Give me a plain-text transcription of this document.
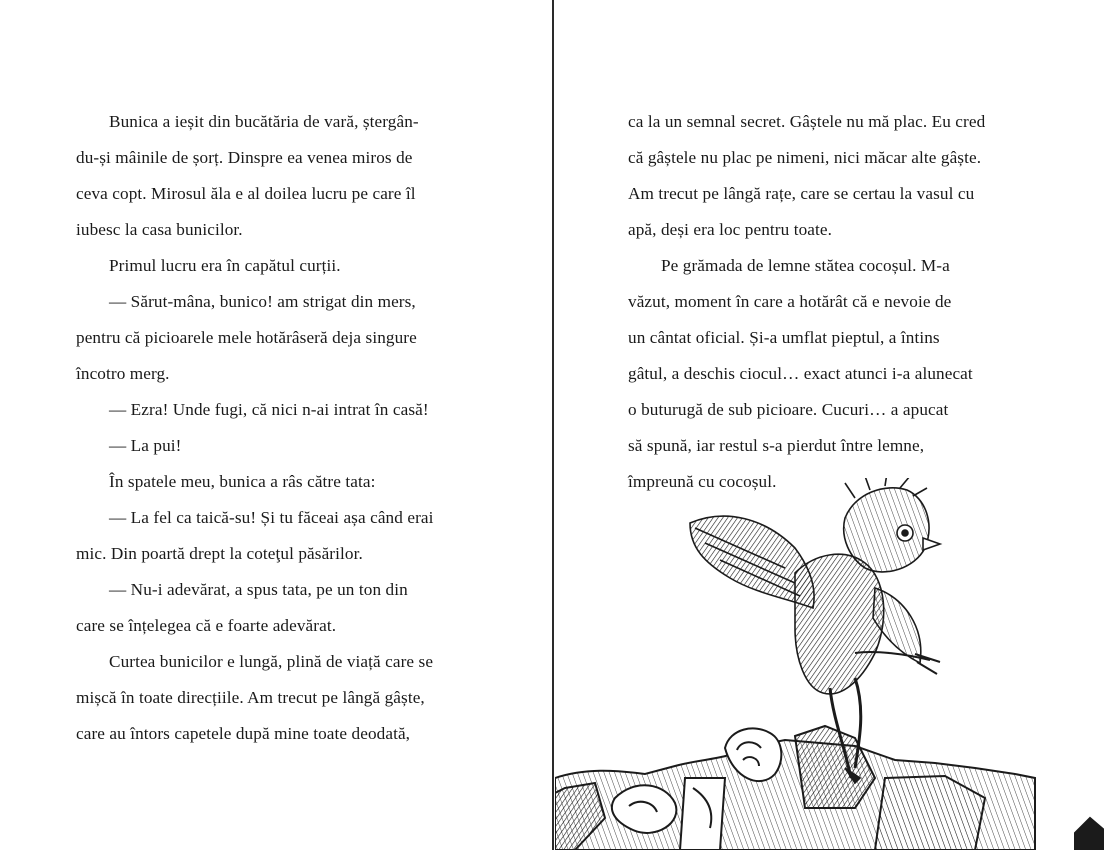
Bunica a ieșit din bucătăria de vară, ștergân-
du-și mâinile de șorț. Dinspre ea venea miros de
ceva copt. Mirosul ăla e al doilea lucru pe care îl
iubesc la casa bunicilor.
Primul lucru era în capătul curții.
— Sărut-mâna, bunico! am strigat din mers,
pentru că picioarele mele hotărâseră deja singure
încotro merg.
— Ezra! Unde fugi, că nici n-ai intrat în casă!
— La pui!
În spatele meu, bunica a râs către tata:
— La fel ca taică-su! Și tu făceai așa când erai
mic. Din poartă drept la coteţul păsărilor.
— Nu-i adevărat, a spus tata, pe un ton din
care se înțelegea că e foarte adevărat.
Curtea bunicilor e lungă, plină de viață care se
mișcă în toate direcțiile. Am trecut pe lângă gâște,
care au întors capetele după mine toate deodată,
ca la un semnal secret. Gâștele nu mă plac. Eu cred
că gâștele nu plac pe nimeni, nici măcar alte gâște.
Am trecut pe lângă rațe, care se certau la vasul cu
apă, deși era loc pentru toate.
Pe grămada de lemne stătea cocoșul. M-a
văzut, moment în care a hotărât că e nevoie de
un cântat oficial. Și-a umflat pieptul, a întins
gâtul, a deschis ciocul… exact atunci i-a alunecat
o buturugă de sub picioare. Cucuri… a apucat
să spună, iar restul s-a pierdut între lemne,
împreună cu cocoșul.
